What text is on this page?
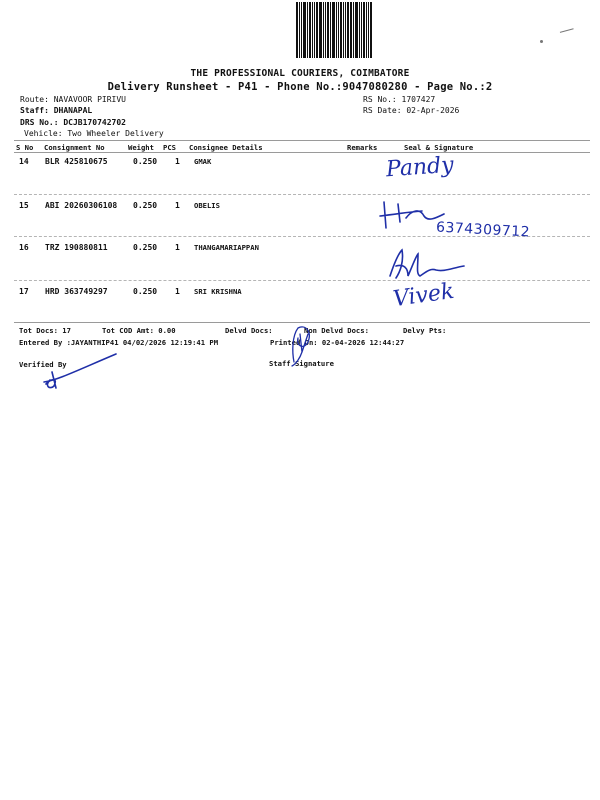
THE PROFESSIONAL COURIERS, COIMBATORE
Delivery Runsheet - P41 - Phone No.:9047080280 - Page No.:2
Route: NAVAVOOR PIRIVU
Staff: DHANAPAL
DRS No.: DCJB170742702
Vehicle: Two Wheeler Delivery
RS No.: 1707427
RS Date: 02-Apr-2026
S No Consignment No	Weight PCS Consignee Details	Remarks	Seal & Signature
14 BLR 425810675	0.250 1 GMAK
15 ABI 20260306108 0.250 1 OBELIS
16 TRZ 190880811	0.250 1 THANGAMARIAPPAN
17 HRD 363749297	0.250 1 SRI KRISHNA
Pandy
6374309712
Vivek
Tot Docs: 17	Tot COD Amt: 0.00	Delvd Docs:	Non Delvd Docs:	Delvy Pts:
Entered By :JAYANTHIP41 04/02/2026 12:19:41 PM	Printed On: 02-04-2026 12:44:27
Verified By	Staff Signature
